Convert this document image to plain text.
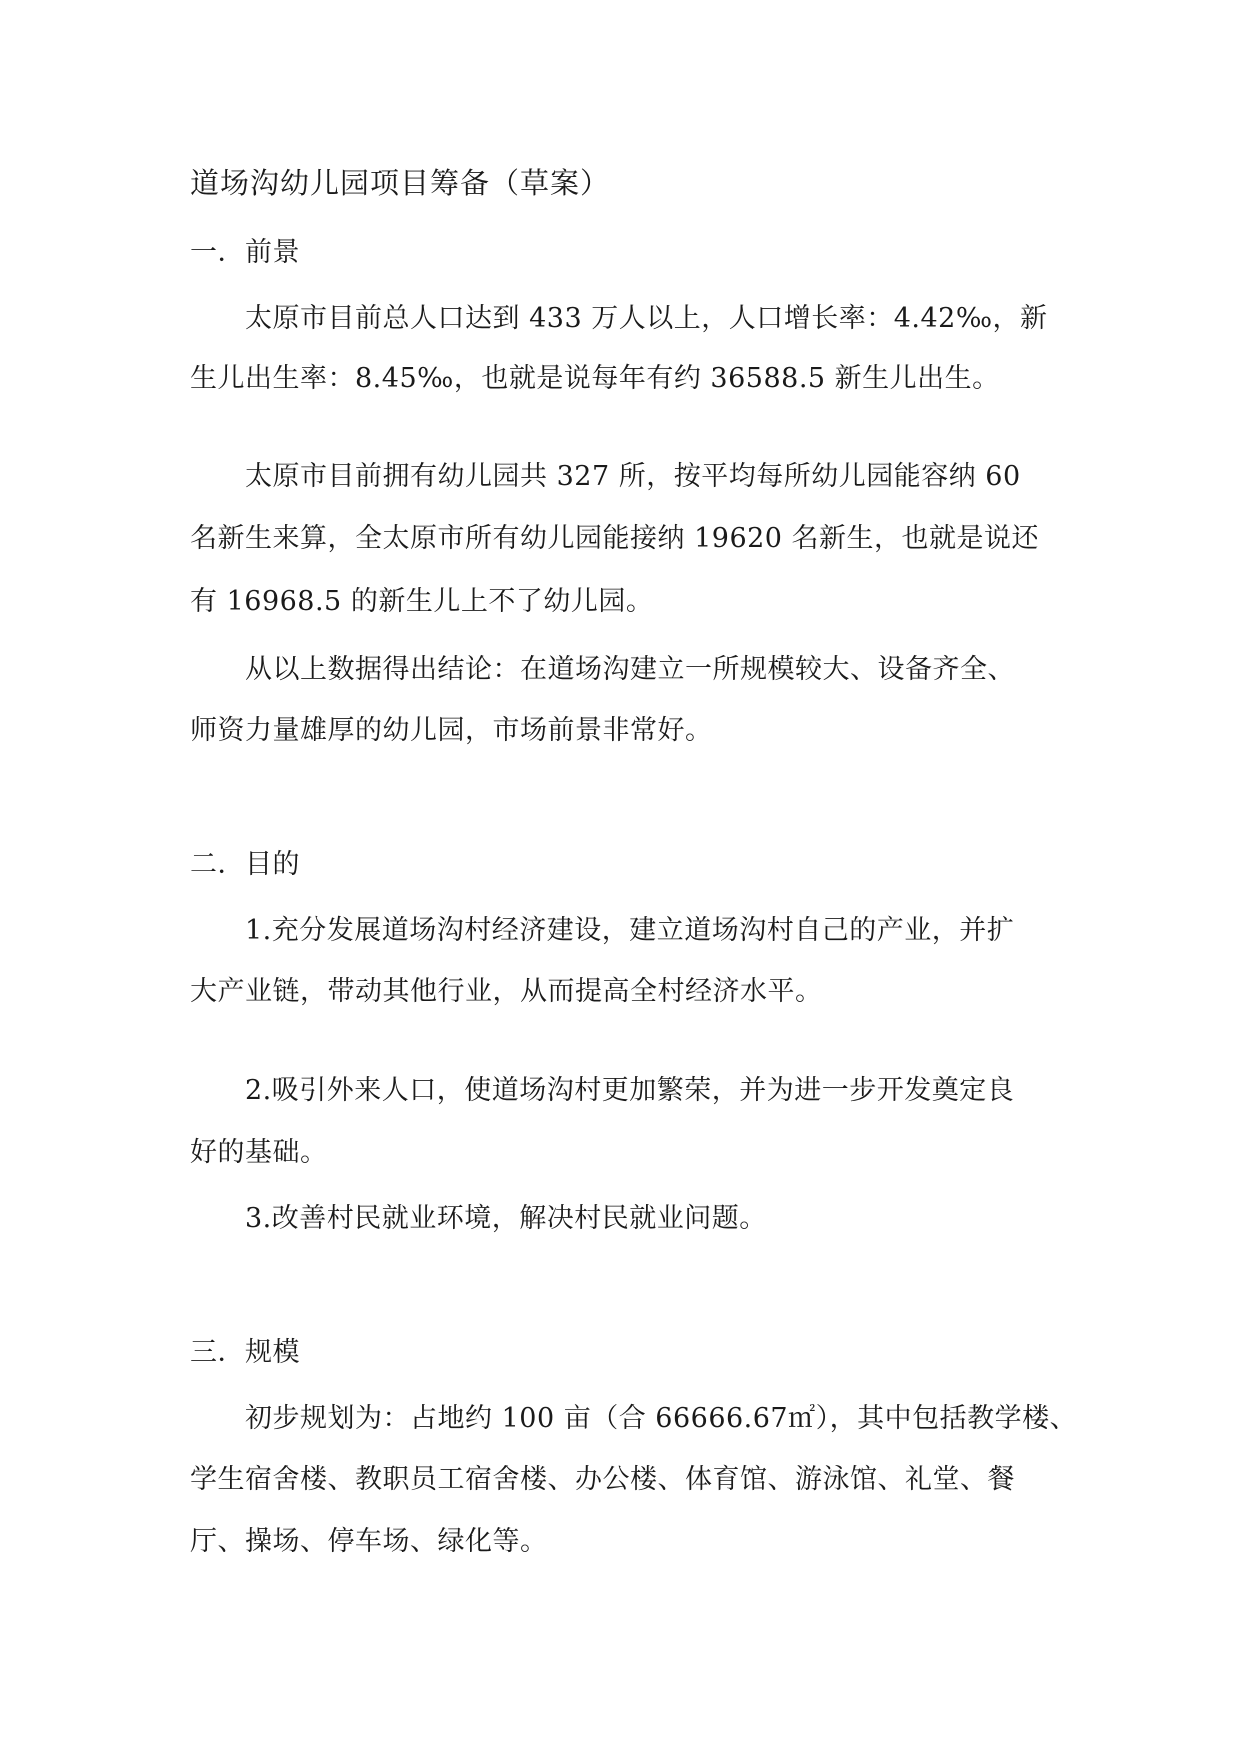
道场沟幼儿园项目筹备（草案）
一．前景
太原市目前总人口达到 433 万人以上，人口增长率：4.42‰，新
生儿出生率：8.45‰，也就是说每年有约 36588.5 新生儿出生。
太原市目前拥有幼儿园共 327 所，按平均每所幼儿园能容纳 60
名新生来算，全太原市所有幼儿园能接纳 19620 名新生，也就是说还
有 16968.5 的新生儿上不了幼儿园。
从以上数据得出结论：在道场沟建立一所规模较大、设备齐全、
师资力量雄厚的幼儿园，市场前景非常好。
二．目的
1.充分发展道场沟村经济建设，建立道场沟村自己的产业，并扩
大产业链，带动其他行业，从而提高全村经济水平。
2.吸引外来人口，使道场沟村更加繁荣，并为进一步开发奠定良
好的基础。
3.改善村民就业环境，解决村民就业问题。
三．规模
初步规划为：占地约 100 亩（合 66666.67㎡），其中包括教学楼、
学生宿舍楼、教职员工宿舍楼、办公楼、体育馆、游泳馆、礼堂、餐
厅、操场、停车场、绿化等。
